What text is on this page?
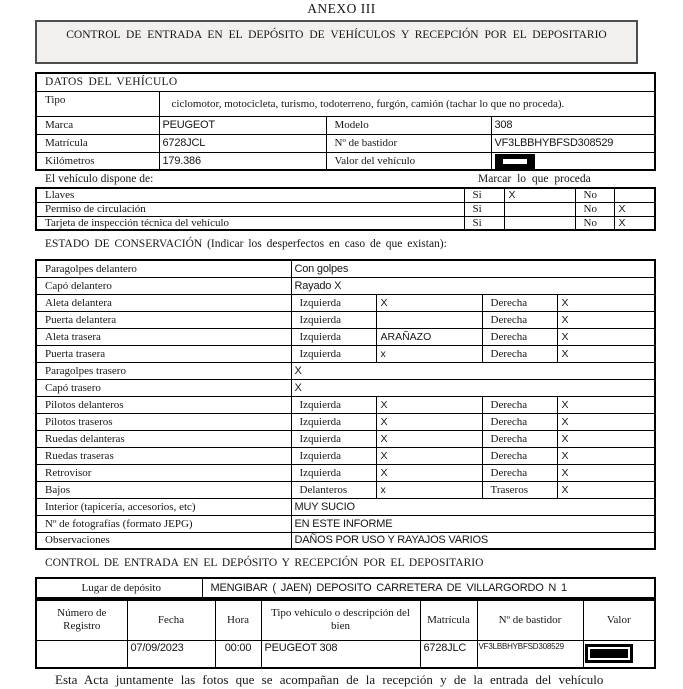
ANEXO III
CONTROL DE ENTRADA EN EL DEPÓSITO DE VEHÍCULOS Y RECEPCIÓN POR EL DEPOSITARIO
DATOS DEL VEHÍCULO			
Tipo	ciclomotor, motocicleta, turismo, todoterreno, furgón, camión (tachar lo que no proceda).		
Marca	PEUGEOT	Modelo	308
Matrícula	6728JCL	Nº de bastidor	VF3LBBHYBFSD308529
Kilómetros	179.386	Valor del vehículo	
El vehículo dispone de:	Marcar lo que proceda
Llaves	Si	X	No	
Permiso de circulación	Si		No	X
Tarjeta de inspección técnica del vehículo	Si		No	X
ESTADO DE CONSERVACIÓN (Indicar los desperfectos en caso de que existan):
Paragolpes delantero	Con golpes			
Capó delantero	Rayado X			
Aleta delantera	Izquierda	X	Derecha	X
Puerta delantera	Izquierda		Derecha	X
Aleta trasera	Izquierda	ARAÑAZO	Derecha	X
Puerta trasera	Izquierda	x	Derecha	X
Paragolpes trasero	X			
Capó trasero	X			
Pilotos delanteros	Izquierda	X	Derecha	X
Pilotos traseros	Izquierda	X	Derecha	X
Ruedas delanteras	Izquierda	X	Derecha	X
Ruedas traseras	Izquierda	X	Derecha	X
Retrovisor	Izquierda	X	Derecha	X
Bajos	Delanteros	x	Traseros	X
Interior (tapicería, accesorios, etc)	MUY SUCIO			
Nº de fotografías (formato JEPG)	EN ESTE INFORME			
Observaciones	DAÑOS POR USO Y RAYAJOS VARIOS			
CONTROL DE ENTRADA EN EL DEPÓSITO Y RECEPCIÓN POR EL DEPOSITARIO
Lugar de depósito	MENGIBAR ( JAEN) DEPOSITO CARRETERA DE VILLARGORDO N 1
Número de Registro	Fecha	Hora	Tipo vehículo o descripción del bien	Matrícula	Nº de bastidor	Valor
	07/09/2023	00:00	PEUGEOT 308	6728JLC	VF3LBBHYBFSD308529	
Esta Acta juntamente las fotos que se acompañan de la recepción y de la entrada del vehículo
